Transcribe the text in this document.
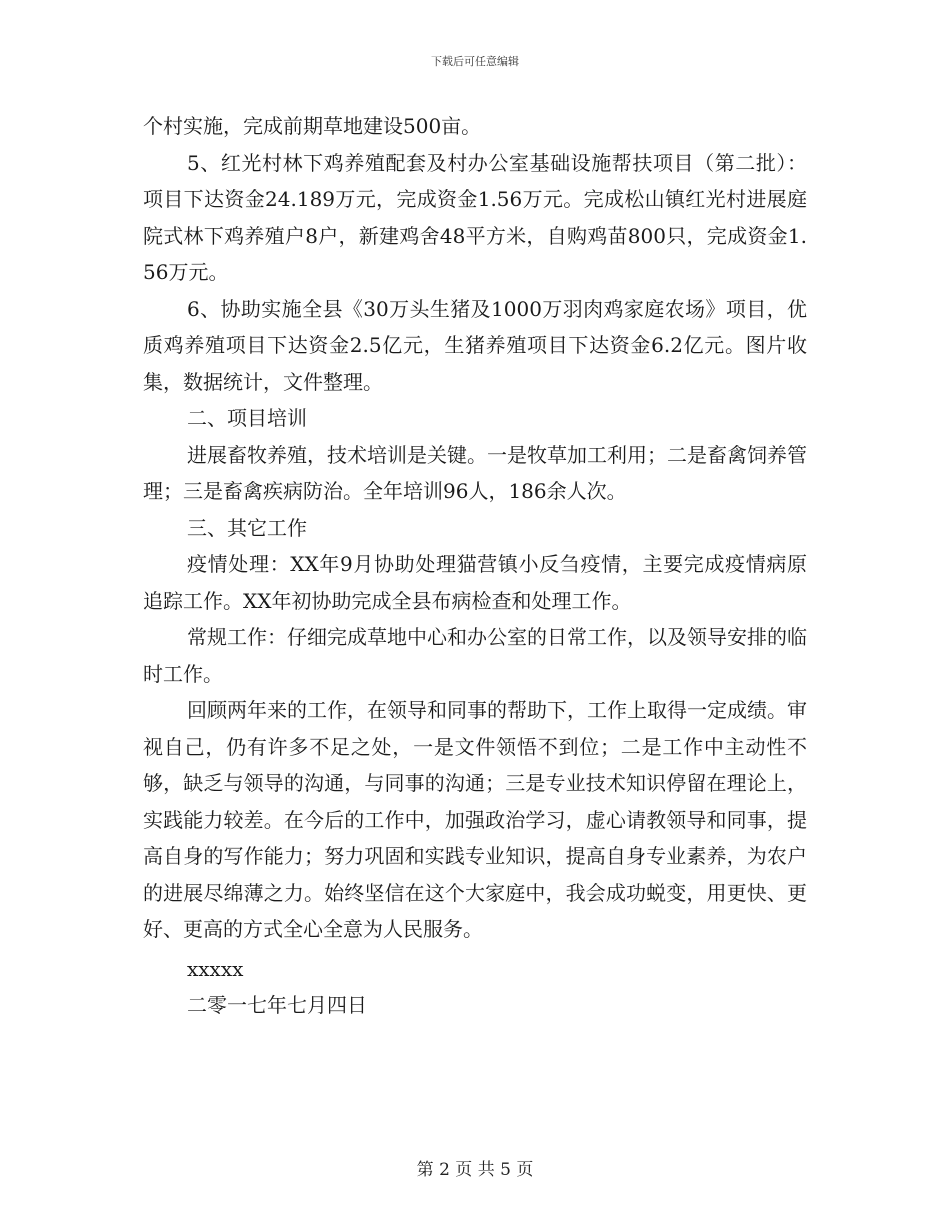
下载后可任意编辑

个村实施，完成前期草地建设500亩。

5、红光村林下鸡养殖配套及村办公室基础设施帮扶项目（第二批）：项目下达资金24.189万元，完成资金1.56万元。完成松山镇红光村进展庭院式林下鸡养殖户8户，新建鸡舍48平方米，自购鸡苗800只，完成资金1.56万元。

6、协助实施全县《30万头生猪及1000万羽肉鸡家庭农场》项目，优质鸡养殖项目下达资金2.5亿元，生猪养殖项目下达资金6.2亿元。图片收集，数据统计，文件整理。

二、项目培训

进展畜牧养殖，技术培训是关键。一是牧草加工利用；二是畜禽饲养管理；三是畜禽疾病防治。全年培训96人，186余人次。

三、其它工作

疫情处理：XX年9月协助处理猫营镇小反刍疫情，主要完成疫情病原追踪工作。XX年初协助完成全县布病检查和处理工作。

常规工作：仔细完成草地中心和办公室的日常工作，以及领导安排的临时工作。

回顾两年来的工作，在领导和同事的帮助下，工作上取得一定成绩。审视自己，仍有许多不足之处，一是文件领悟不到位；二是工作中主动性不够，缺乏与领导的沟通，与同事的沟通；三是专业技术知识停留在理论上，实践能力较差。在今后的工作中，加强政治学习，虚心请教领导和同事，提高自身的写作能力；努力巩固和实践专业知识，提高自身专业素养，为农户的进展尽绵薄之力。始终坚信在这个大家庭中，我会成功蜕变，用更快、更好、更高的方式全心全意为人民服务。

xxxxx

二零一七年七月四日

第 2 页 共 5 页
